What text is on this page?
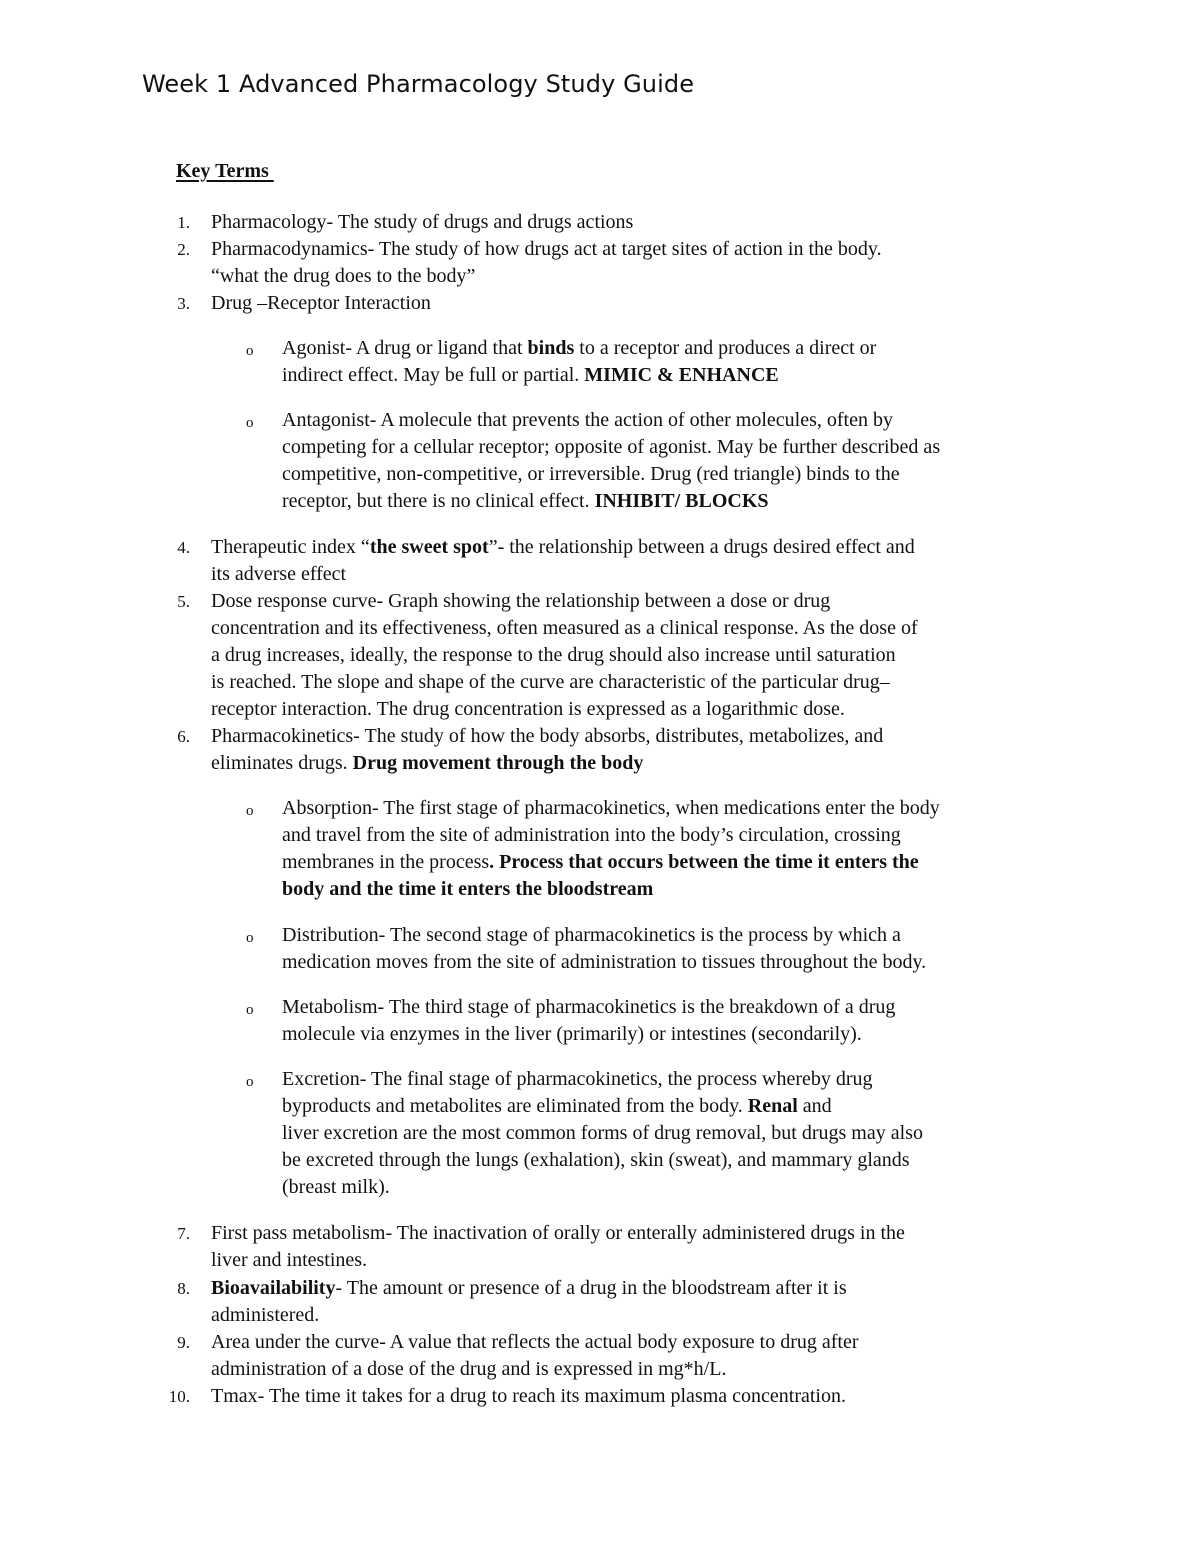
Week 1 Advanced Pharmacology Study Guide
Key Terms
1. Pharmacology- The study of drugs and drugs actions
2. Pharmacodynamics- The study of how drugs act at target sites of action in the body.
“what the drug does to the body”
3. Drug –Receptor Interaction
o Agonist- A drug or ligand that binds to a receptor and produces a direct or
indirect effect. May be full or partial. MIMIC & ENHANCE
o Antagonist- A molecule that prevents the action of other molecules, often by
competing for a cellular receptor; opposite of agonist. May be further described as
competitive, non-competitive, or irreversible. Drug (red triangle) binds to the
receptor, but there is no clinical effect. INHIBIT/ BLOCKS
4. Therapeutic index “the sweet spot”- the relationship between a drugs desired effect and
its adverse effect
5. Dose response curve- Graph showing the relationship between a dose or drug
concentration and its effectiveness, often measured as a clinical response. As the dose of
a drug increases, ideally, the response to the drug should also increase until saturation
is reached. The slope and shape of the curve are characteristic of the particular drug–
receptor interaction. The drug concentration is expressed as a logarithmic dose.
6. Pharmacokinetics- The study of how the body absorbs, distributes, metabolizes, and
eliminates drugs. Drug movement through the body
o Absorption- The first stage of pharmacokinetics, when medications enter the body
and travel from the site of administration into the body’s circulation, crossing
membranes in the process. Process that occurs between the time it enters the
body and the time it enters the bloodstream
o Distribution- The second stage of pharmacokinetics is the process by which a
medication moves from the site of administration to tissues throughout the body.
o Metabolism- The third stage of pharmacokinetics is the breakdown of a drug
molecule via enzymes in the liver (primarily) or intestines (secondarily).
o Excretion- The final stage of pharmacokinetics, the process whereby drug
byproducts and metabolites are eliminated from the body. Renal and
liver excretion are the most common forms of drug removal, but drugs may also
be excreted through the lungs (exhalation), skin (sweat), and mammary glands
(breast milk).
7. First pass metabolism- The inactivation of orally or enterally administered drugs in the
liver and intestines.
8. Bioavailability- The amount or presence of a drug in the bloodstream after it is
administered.
9. Area under the curve- A value that reflects the actual body exposure to drug after
administration of a dose of the drug and is expressed in mg*h/L.
10. Tmax- The time it takes for a drug to reach its maximum plasma concentration.
